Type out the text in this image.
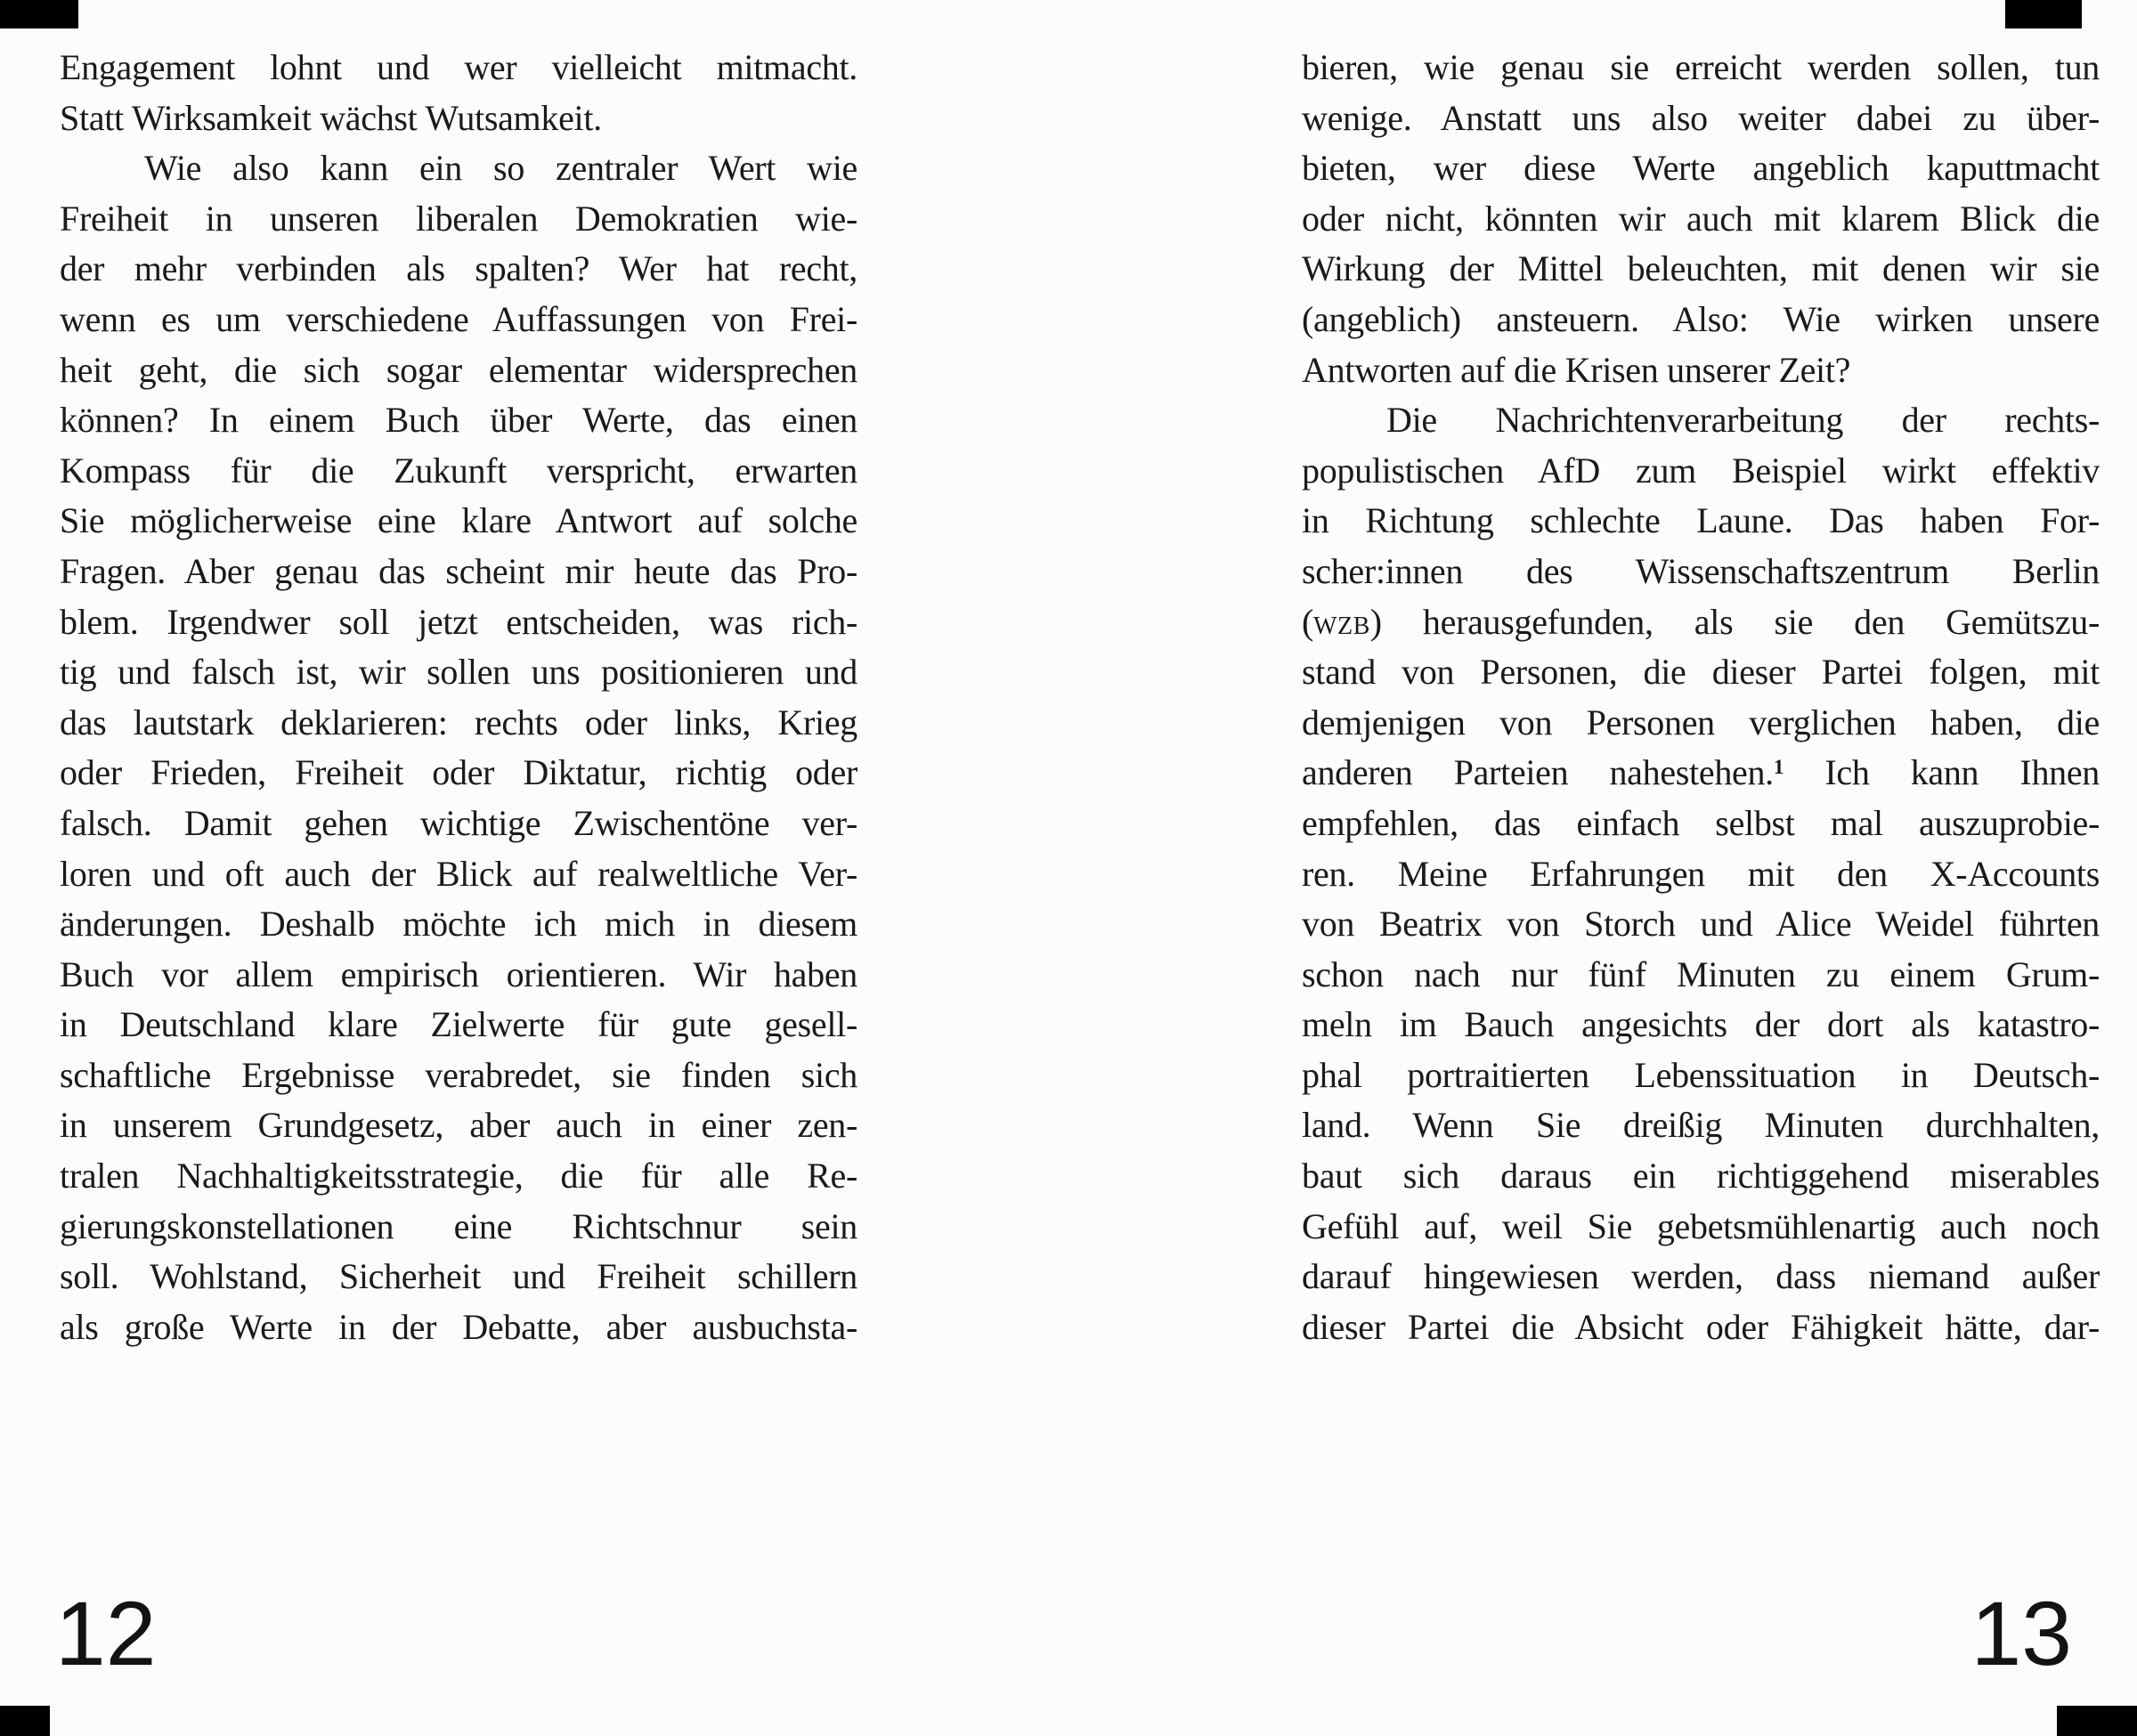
Engagement lohnt und wer vielleicht mitmacht.
Statt Wirksamkeit wächst Wutsamkeit.
Wie also kann ein so zentraler Wert wie
Freiheit in unseren liberalen Demokratien wie-
der mehr verbinden als spalten? Wer hat recht,
wenn es um verschiedene Auffassungen von Frei-
heit geht, die sich sogar elementar widersprechen
können? In einem Buch über Werte, das einen
Kompass für die Zukunft verspricht, erwarten
Sie möglicherweise eine klare Antwort auf solche
Fragen. Aber genau das scheint mir heute das Pro-
blem. Irgendwer soll jetzt entscheiden, was rich-
tig und falsch ist, wir sollen uns positionieren und
das lautstark deklarieren: rechts oder links, Krieg
oder Frieden, Freiheit oder Diktatur, richtig oder
falsch. Damit gehen wichtige Zwischentöne ver-
loren und oft auch der Blick auf realweltliche Ver-
änderungen. Deshalb möchte ich mich in diesem
Buch vor allem empirisch orientieren. Wir haben
in Deutschland klare Zielwerte für gute gesell-
schaftliche Ergebnisse verabredet, sie finden sich
in unserem Grundgesetz, aber auch in einer zen-
tralen Nachhaltigkeitsstrategie, die für alle Re-
gierungskonstellationen eine Richtschnur sein
soll. Wohlstand, Sicherheit und Freiheit schillern
als große Werte in der Debatte, aber ausbuchsta-
bieren, wie genau sie erreicht werden sollen, tun
wenige. Anstatt uns also weiter dabei zu über-
bieten, wer diese Werte angeblich kaputtmacht
oder nicht, könnten wir auch mit klarem Blick die
Wirkung der Mittel beleuchten, mit denen wir sie
(angeblich) ansteuern. Also: Wie wirken unsere
Antworten auf die Krisen unserer Zeit?
Die Nachrichtenverarbeitung der rechts-
populistischen AfD zum Beispiel wirkt effektiv
in Richtung schlechte Laune. Das haben For-
scher:innen des Wissenschaftszentrum Berlin
(wzb) herausgefunden, als sie den Gemütszu-
stand von Personen, die dieser Partei folgen, mit
demjenigen von Personen verglichen haben, die
anderen Parteien nahestehen.$^1$ Ich kann Ihnen
empfehlen, das einfach selbst mal auszuprobie-
ren. Meine Erfahrungen mit den X-Accounts
von Beatrix von Storch und Alice Weidel führten
schon nach nur fünf Minuten zu einem Grum-
meln im Bauch angesichts der dort als katastro-
phal portraitierten Lebenssituation in Deutsch-
land. Wenn Sie dreißig Minuten durchhalten,
baut sich daraus ein richtiggehend miserables
Gefühl auf, weil Sie gebetsmühlenartig auch noch
darauf hingewiesen werden, dass niemand außer
dieser Partei die Absicht oder Fähigkeit hätte, dar-
12	13
